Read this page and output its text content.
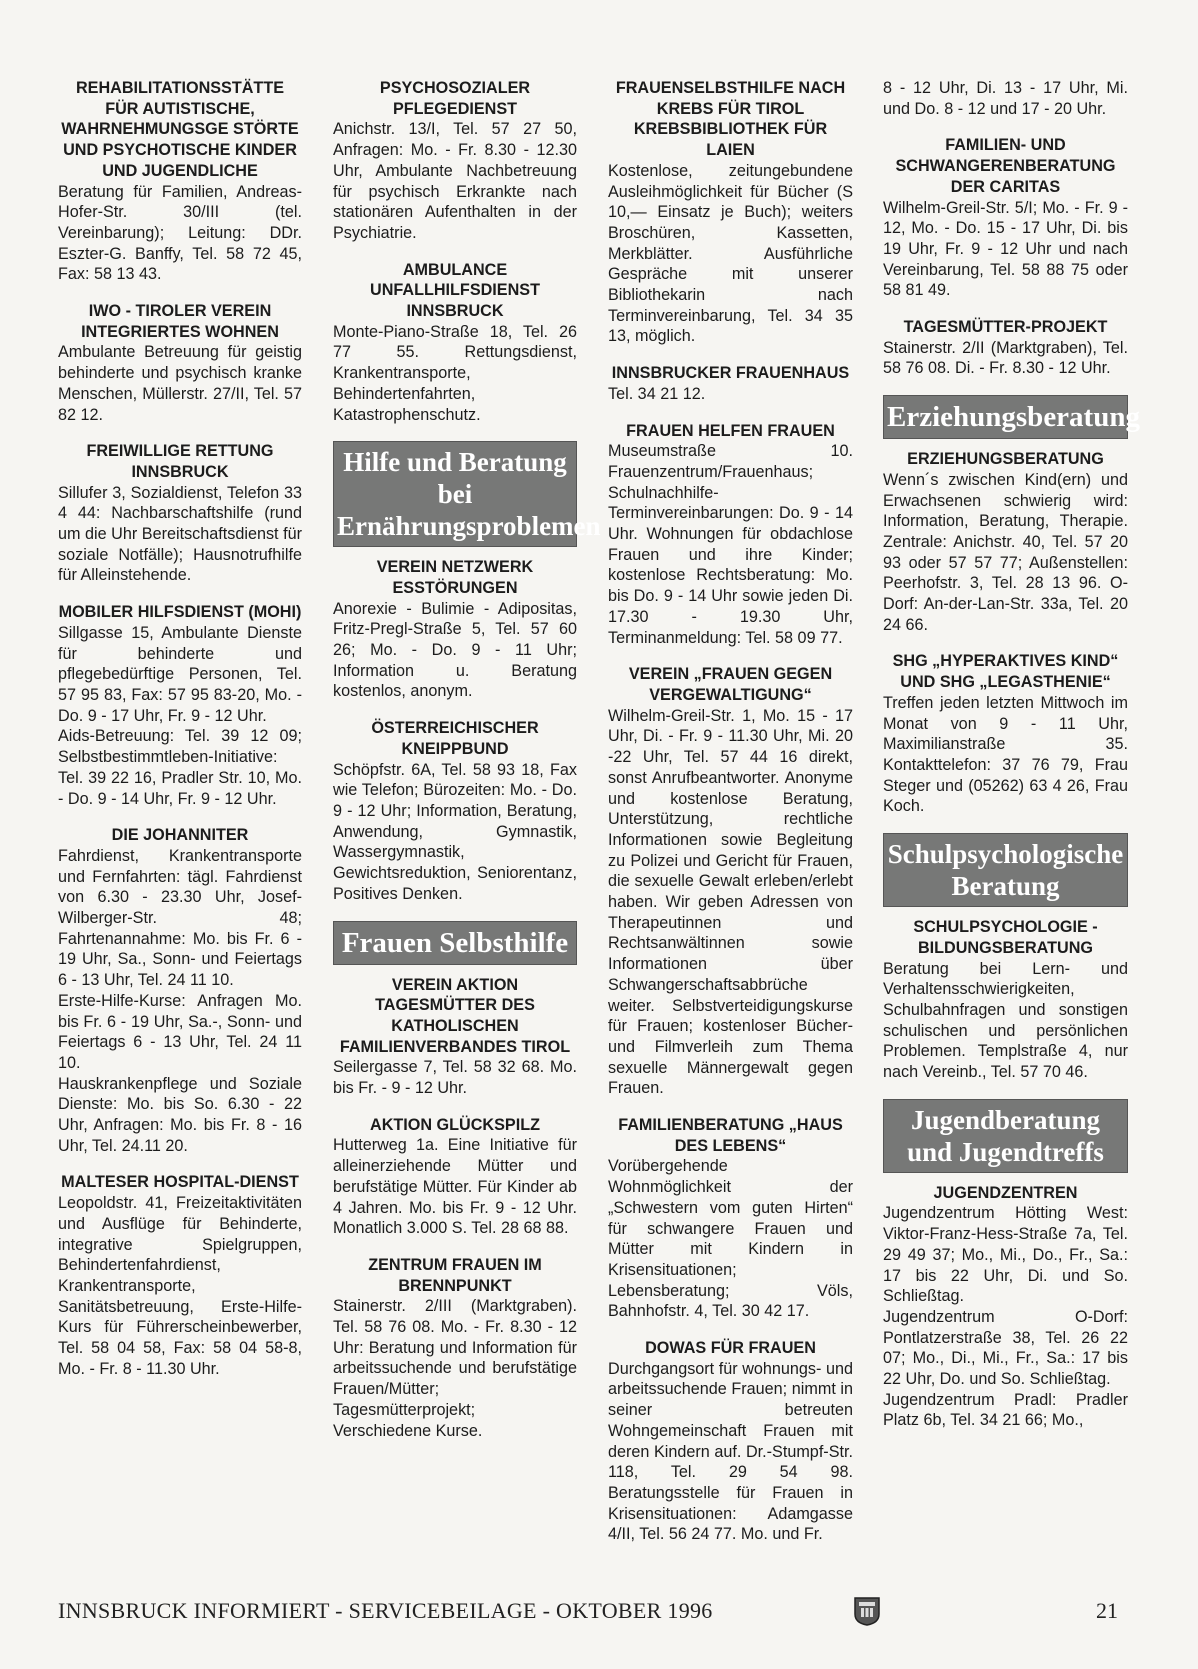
REHABILITATIONSSTÄTTE FÜR AUTISTISCHE, WAHRNEHMUNGSGE STÖRTE UND PSYCHOTISCHE KINDER UND JUGENDLICHE
Beratung für Familien, Andreas-Hofer-Str. 30/III (tel. Vereinbarung); Leitung: DDr. Eszter-G. Banffy, Tel. 58 72 45, Fax: 58 13 43.
IWO - TIROLER VEREIN INTEGRIERTES WOHNEN
Ambulante Betreuung für geistig behinderte und psychisch kranke Menschen, Müllerstr. 27/II, Tel. 57 82 12.
FREIWILLIGE RETTUNG INNSBRUCK
Sillufer 3, Sozialdienst, Telefon 33 4 44: Nachbarschaftshilfe (rund um die Uhr Bereitschaftsdienst für soziale Notfälle); Hausnotrufhilfe für Alleinstehende.
MOBILER HILFSDIENST (MOHI)
Sillgasse 15, Ambulante Dienste für behinderte und pflegebedürftige Personen, Tel. 57 95 83, Fax: 57 95 83-20, Mo. - Do. 9 - 17 Uhr, Fr. 9 - 12 Uhr.
Aids-Betreuung: Tel. 39 12 09; Selbstbestimmtleben-Initiative: Tel. 39 22 16, Pradler Str. 10, Mo. - Do. 9 - 14 Uhr, Fr. 9 - 12 Uhr.
DIE JOHANNITER
Fahrdienst, Krankentransporte und Fernfahrten: tägl. Fahrdienst von 6.30 - 23.30 Uhr, Josef-Wilberger-Str. 48; Fahrtenannahme: Mo. bis Fr. 6 - 19 Uhr, Sa., Sonn- und Feiertags 6 - 13 Uhr, Tel. 24 11 10.
Erste-Hilfe-Kurse: Anfragen Mo. bis Fr. 6 - 19 Uhr, Sa.-, Sonn- und Feiertags 6 - 13 Uhr, Tel. 24 11 10.
Hauskrankenpflege und Soziale Dienste: Mo. bis So. 6.30 - 22 Uhr, Anfragen: Mo. bis Fr. 8 - 16 Uhr, Tel. 24.11 20.
MALTESER HOSPITAL-DIENST
Leopoldstr. 41, Freizeitaktivitäten und Ausflüge für Behinderte, integrative Spielgruppen, Behindertenfahrdienst, Krankentransporte, Sanitätsbetreuung, Erste-Hilfe-Kurs für Führerscheinbewerber, Tel. 58 04 58, Fax: 58 04 58-8, Mo. - Fr. 8 - 11.30 Uhr.
PSYCHOSOZIALER PFLEGEDIENST
Anichstr. 13/I, Tel. 57 27 50, Anfragen: Mo. - Fr. 8.30 - 12.30 Uhr, Ambulante Nachbetreuung für psychisch Erkrankte nach stationären Aufenthalten in der Psychiatrie.
AMBULANCE UNFALLHILFSDIENST INNSBRUCK
Monte-Piano-Straße 18, Tel. 26 77 55. Rettungsdienst, Krankentransporte, Behindertenfahrten, Katastrophenschutz.
Hilfe und Beratung bei Ernährungsproblemen
VEREIN NETZWERK ESSTÖRUNGEN
Anorexie - Bulimie - Adipositas, Fritz-Pregl-Straße 5, Tel. 57 60 26; Mo. - Do. 9 - 11 Uhr; Information u. Beratung kostenlos, anonym.
ÖSTERREICHISCHER KNEIPPBUND
Schöpfstr. 6A, Tel. 58 93 18, Fax wie Telefon; Bürozeiten: Mo. - Do. 9 - 12 Uhr; Information, Beratung, Anwendung, Gymnastik, Wassergymnastik, Gewichtsreduktion, Seniorentanz, Positives Denken.
Frauen Selbsthilfe
VEREIN AKTION TAGESMÜTTER DES KATHOLISCHEN FAMILIENVERBANDES TIROL
Seilergasse 7, Tel. 58 32 68. Mo. bis Fr. - 9 - 12 Uhr.
AKTION GLÜCKSPILZ
Hutterweg 1a. Eine Initiative für alleinerziehende Mütter und berufstätige Mütter. Für Kinder ab 4 Jahren. Mo. bis Fr. 9 - 12 Uhr. Monatlich 3.000 S. Tel. 28 68 88.
ZENTRUM FRAUEN IM BRENNPUNKT
Stainerstr. 2/III (Marktgraben). Tel. 58 76 08. Mo. - Fr. 8.30 - 12 Uhr: Beratung und Information für arbeitssuchende und berufstätige Frauen/Mütter; Tagesmütterprojekt; Verschiedene Kurse.
FRAUENSELBSTHILFE NACH KREBS FÜR TIROL KREBSBIBLIOTHEK FÜR LAIEN
Kostenlose, zeitungebundene Ausleihmöglichkeit für Bücher (S 10,— Einsatz je Buch); weiters Broschüren, Kassetten, Merkblätter. Ausführliche Gespräche mit unserer Bibliothekarin nach Terminvereinbarung, Tel. 34 35 13, möglich.
INNSBRUCKER FRAUENHAUS
Tel. 34 21 12.
FRAUEN HELFEN FRAUEN
Museumstraße 10. Frauenzentrum/Frauenhaus; Schulnachhilfe-Terminvereinbarungen: Do. 9 - 14 Uhr. Wohnungen für obdachlose Frauen und ihre Kinder; kostenlose Rechtsberatung: Mo. bis Do. 9 - 14 Uhr sowie jeden Di. 17.30 - 19.30 Uhr, Terminanmeldung: Tel. 58 09 77.
VEREIN „FRAUEN GEGEN VERGEWALTIGUNG“
Wilhelm-Greil-Str. 1, Mo. 15 - 17 Uhr, Di. - Fr. 9 - 11.30 Uhr, Mi. 20 -22 Uhr, Tel. 57 44 16 direkt, sonst Anrufbeantworter. Anonyme und kostenlose Beratung, Unterstützung, rechtliche Informationen sowie Begleitung zu Polizei und Gericht für Frauen, die sexuelle Gewalt erleben/erlebt haben. Wir geben Adressen von Therapeutinnen und Rechtsanwältinnen sowie Informationen über Schwangerschaftsabbrüche weiter. Selbstverteidigungskurse für Frauen; kostenloser Bücher- und Filmverleih zum Thema sexuelle Männergewalt gegen Frauen.
FAMILIENBERATUNG „HAUS DES LEBENS“
Vorübergehende Wohnmöglichkeit der „Schwestern vom guten Hirten“ für schwangere Frauen und Mütter mit Kindern in Krisensituationen; Lebensberatung; Völs, Bahnhofstr. 4, Tel. 30 42 17.
DOWAS FÜR FRAUEN
Durchgangsort für wohnungs- und arbeitssuchende Frauen; nimmt in seiner betreuten Wohngemeinschaft Frauen mit deren Kindern auf. Dr.-Stumpf-Str. 118, Tel. 29 54 98. Beratungsstelle für Frauen in Krisensituationen: Adamgasse 4/II, Tel. 56 24 77. Mo. und Fr.
8 - 12 Uhr, Di. 13 - 17 Uhr, Mi. und Do. 8 - 12 und 17 - 20 Uhr.
FAMILIEN- UND SCHWANGERENBERATUNG DER CARITAS
Wilhelm-Greil-Str. 5/I; Mo. - Fr. 9 - 12, Mo. - Do. 15 - 17 Uhr, Di. bis 19 Uhr, Fr. 9 - 12 Uhr und nach Vereinbarung, Tel. 58 88 75 oder 58 81 49.
TAGESMÜTTER-PROJEKT
Stainerstr. 2/II (Marktgraben), Tel. 58 76 08. Di. - Fr. 8.30 - 12 Uhr.
Erziehungsberatung
ERZIEHUNGSBERATUNG
Wenn´s zwischen Kind(ern) und Erwachsenen schwierig wird: Information, Beratung, Therapie. Zentrale: Anichstr. 40, Tel. 57 20 93 oder 57 57 77; Außenstellen: Peerhofstr. 3, Tel. 28 13 96. O-Dorf: An-der-Lan-Str. 33a, Tel. 20 24 66.
SHG „HYPERAKTIVES KIND“ UND SHG „LEGASTHENIE“
Treffen jeden letzten Mittwoch im Monat von 9 - 11 Uhr, Maximilianstraße 35. Kontakttelefon: 37 76 79, Frau Steger und (05262) 63 4 26, Frau Koch.
Schulpsychologische Beratung
SCHULPSYCHOLOGIE - BILDUNGSBERATUNG
Beratung bei Lern- und Verhaltensschwierigkeiten, Schulbahnfragen und sonstigen schulischen und persönlichen Problemen. Templstraße 4, nur nach Vereinb., Tel. 57 70 46.
Jugendberatung und Jugendtreffs
JUGENDZENTREN
Jugendzentrum Hötting West: Viktor-Franz-Hess-Straße 7a, Tel. 29 49 37; Mo., Mi., Do., Fr., Sa.: 17 bis 22 Uhr, Di. und So. Schließtag.
Jugendzentrum O-Dorf: Pontlatzerstraße 38, Tel. 26 22 07; Mo., Di., Mi., Fr., Sa.: 17 bis 22 Uhr, Do. und So. Schließtag.
Jugendzentrum Pradl: Pradler Platz 6b, Tel. 34 21 66; Mo.,
INNSBRUCK INFORMIERT - SERVICEBEILAGE - OKTOBER 1996	21
